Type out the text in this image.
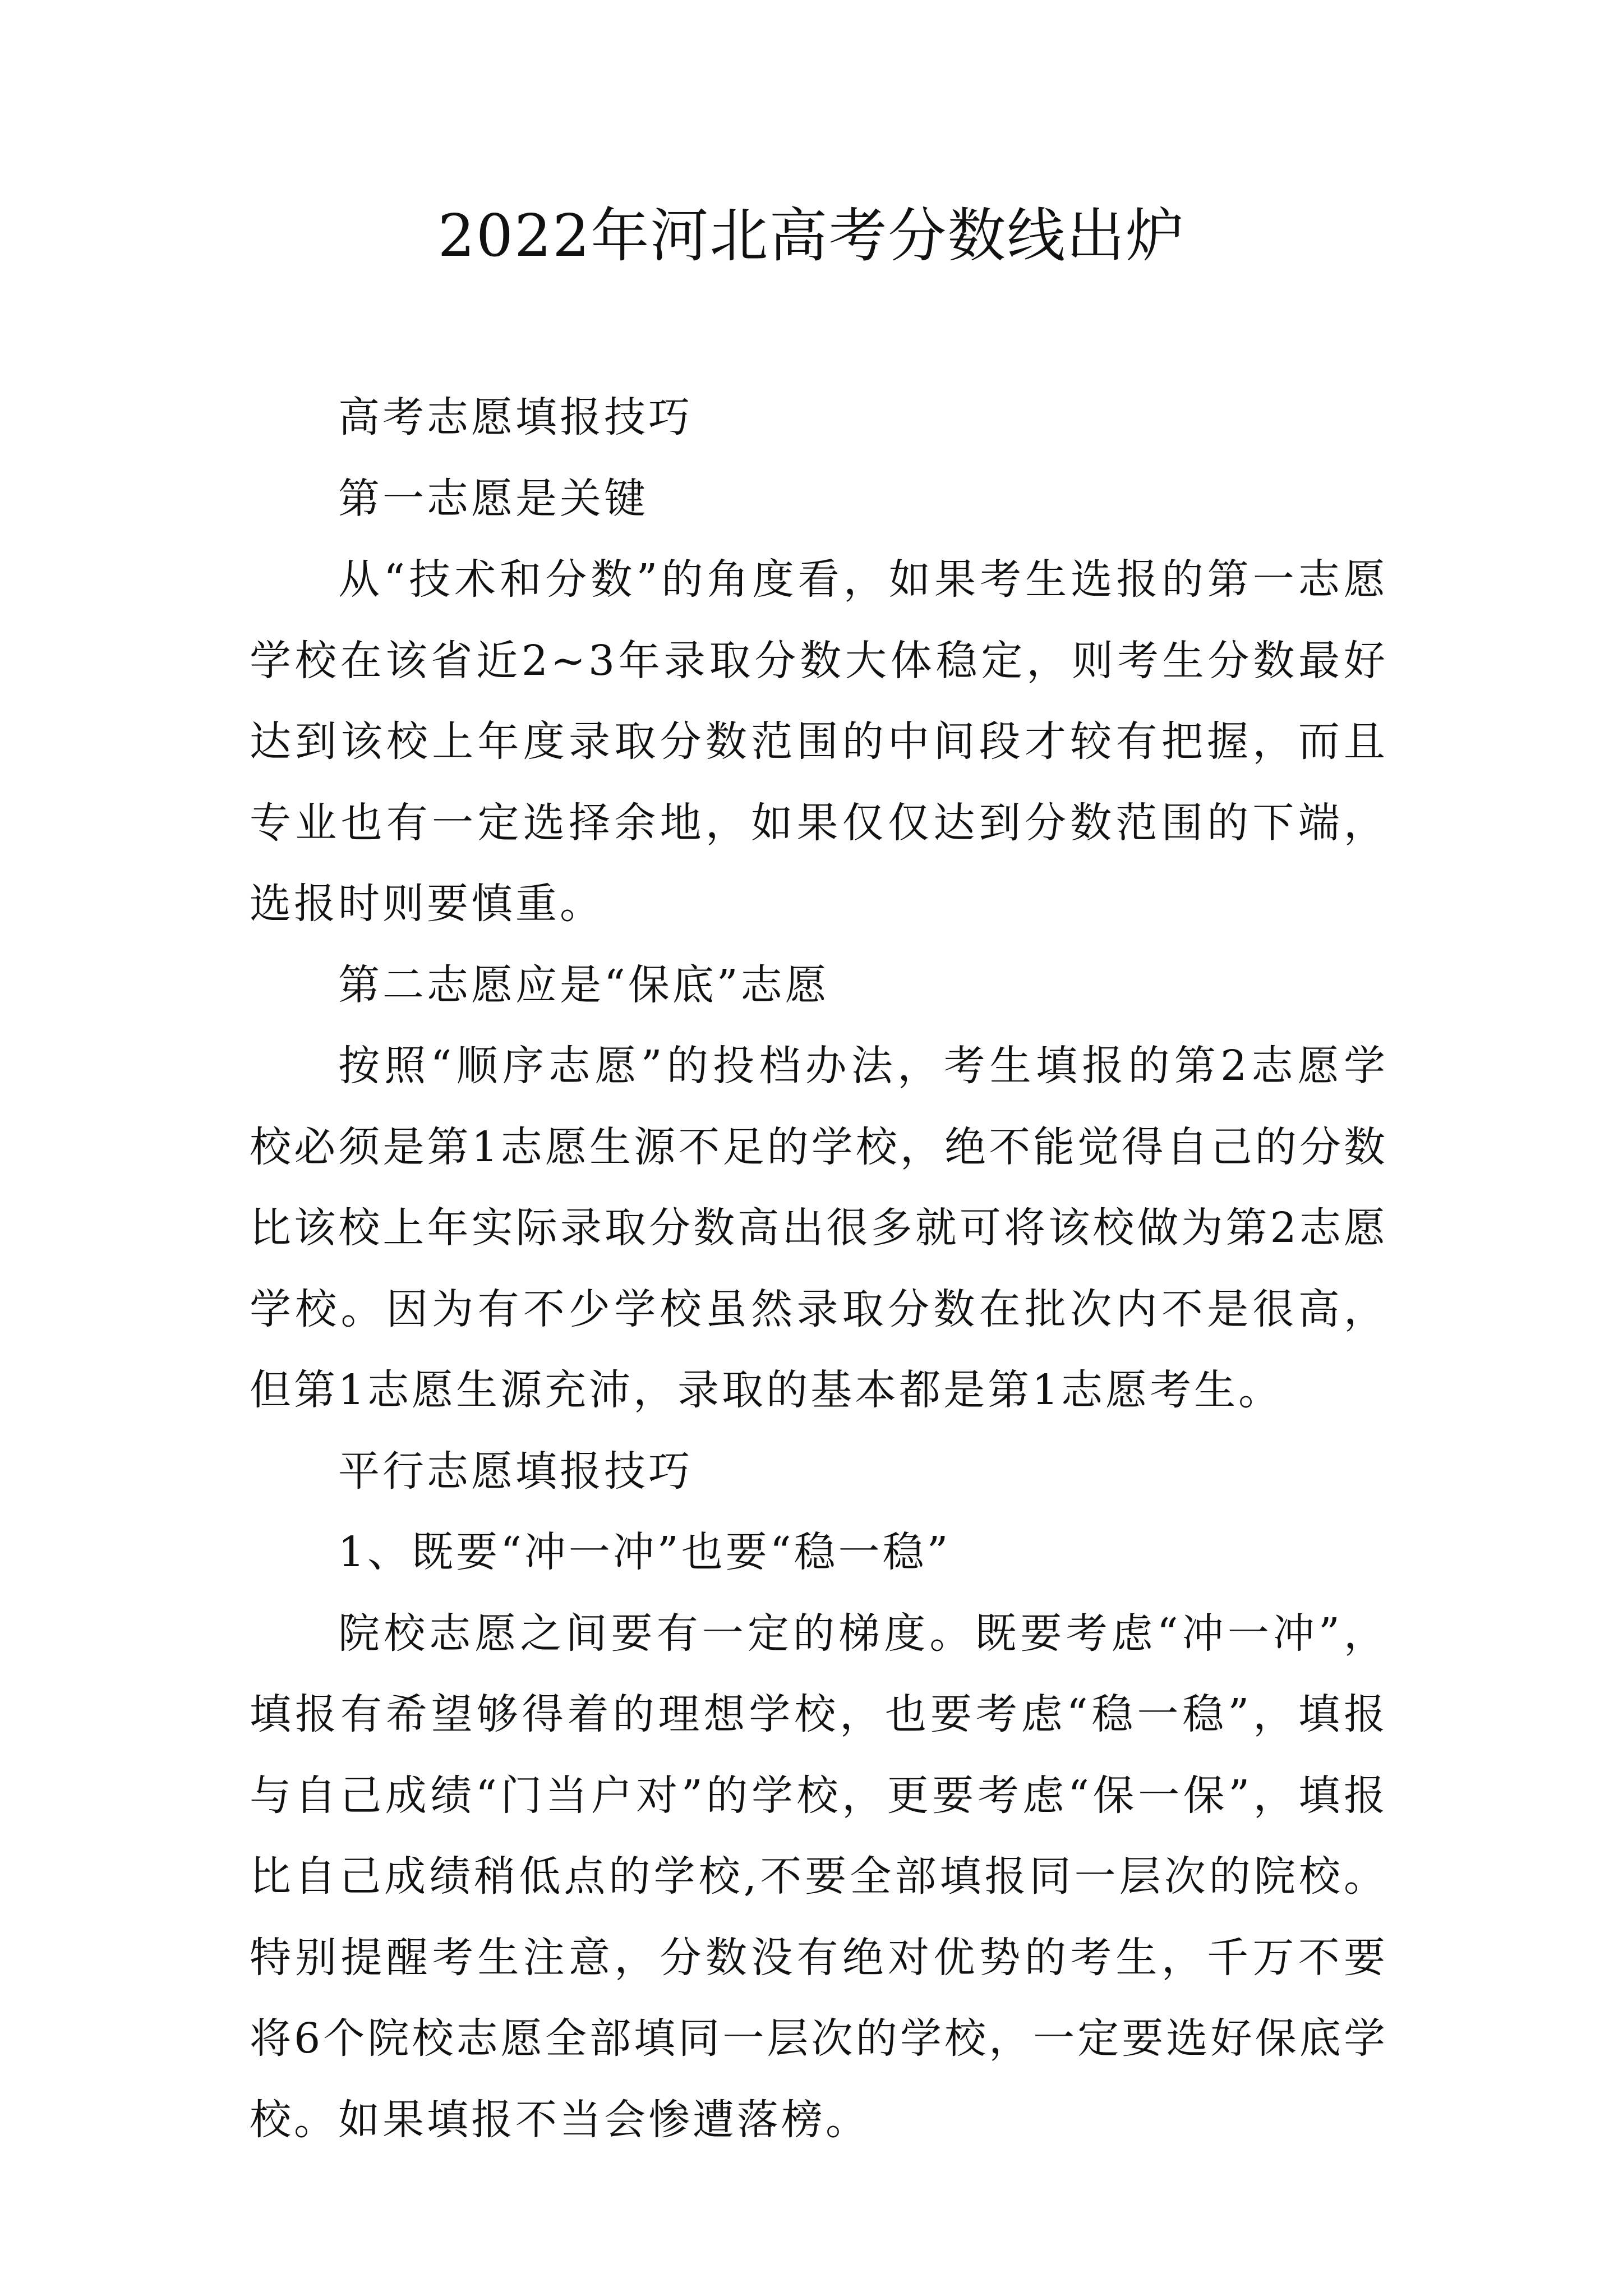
2022年河北高考分数线出炉

高考志愿填报技巧

第一志愿是关键

从“技术和分数”的角度看，如果考生选报的第一志愿学校在该省近2~3年录取分数大体稳定，则考生分数最好达到该校上年度录取分数范围的中间段才较有把握，而且专业也有一定选择余地，如果仅仅达到分数范围的下端，选报时则要慎重。

第二志愿应是“保底”志愿

按照“顺序志愿”的投档办法，考生填报的第2志愿学校必须是第1志愿生源不足的学校，绝不能觉得自己的分数比该校上年实际录取分数高出很多就可将该校做为第2志愿学校。因为有不少学校虽然录取分数在批次内不是很高，但第1志愿生源充沛，录取的基本都是第1志愿考生。

平行志愿填报技巧

1、既要“冲一冲”也要“稳一稳”

院校志愿之间要有一定的梯度。既要考虑“冲一冲”，填报有希望够得着的理想学校，也要考虑“稳一稳”，填报与自己成绩“门当户对”的学校，更要考虑“保一保”，填报比自己成绩稍低点的学校,不要全部填报同一层次的院校。特别提醒考生注意，分数没有绝对优势的考生，千万不要将6个院校志愿全部填同一层次的学校，一定要选好保底学校。如果填报不当会惨遭落榜。
